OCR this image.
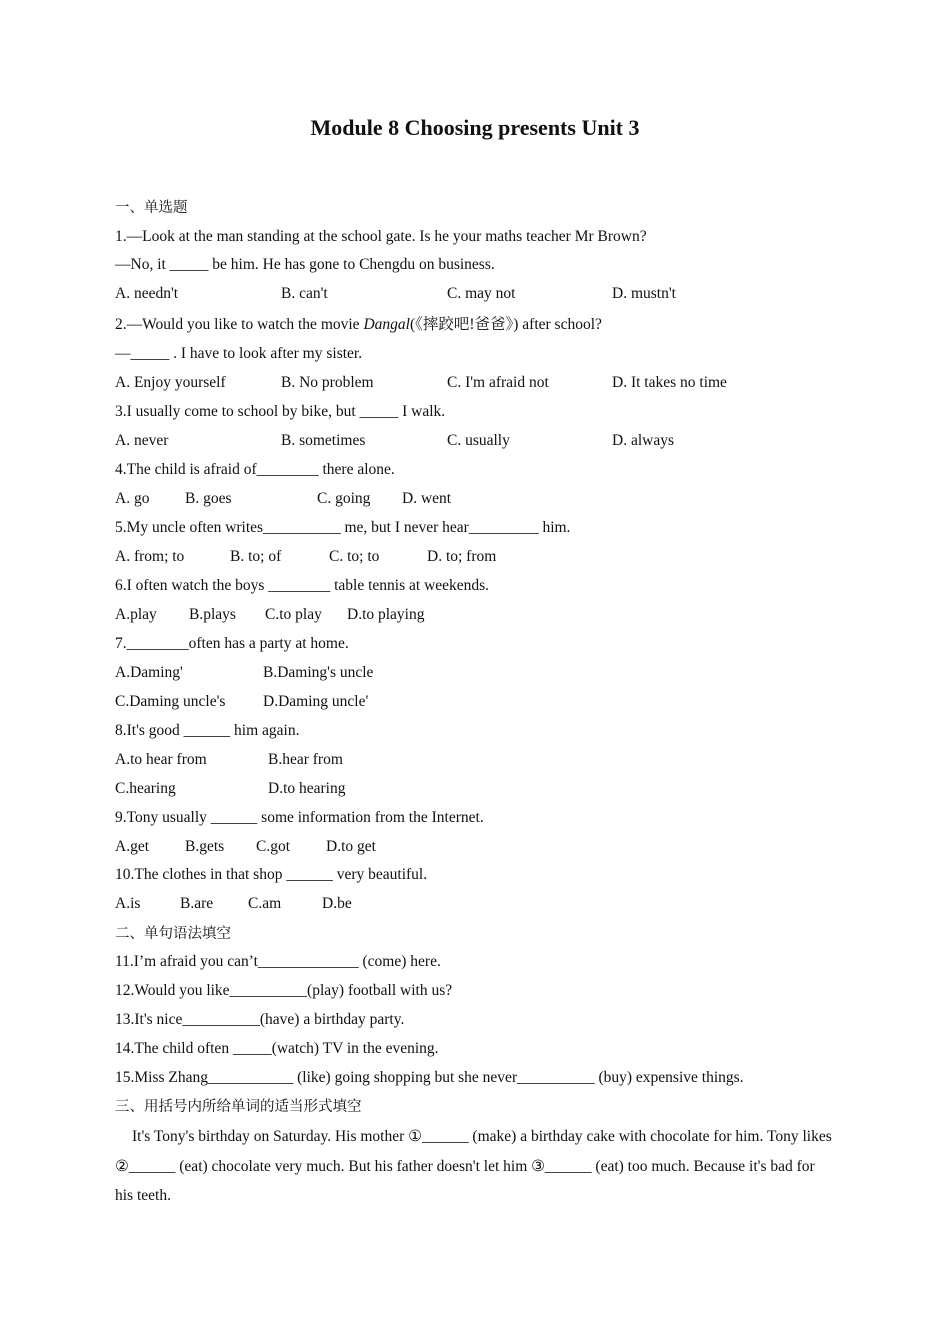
Module 8 Choosing presents Unit 3
一、单选题
1.—Look at the man standing at the school gate. Is he your maths teacher Mr Brown?
—No, it _____ be him. He has gone to Chengdu on business.
A. needn't	B. can't	C. may not	D. mustn't
2.—Would you like to watch the movie Dangal(《摔跤吧!爸爸》) after school?
—_____ . I have to look after my sister.
A. Enjoy yourself	B. No problem	C. I'm afraid not	D. It takes no time
3.I usually come to school by bike, but _____ I walk.
A. never	B. sometimes	C. usually	D. always
4.The child is afraid of________ there alone.
A. go B. goes	C. going D. went
5.My uncle often writes__________ me, but I never hear_________ him.
A. from; to	B. to; of	C. to; to	D. to; from
6.I often watch the boys ________ table tennis at weekends.
A.play B.plays C.to play D.to playing
7.________often has a party at home.
A.Daming'	B.Daming's uncle
C.Daming uncle's D.Daming uncle'
8.It's good ______ him again.
A.to hear from	B.hear from
C.hearing	D.to hearing
9.Tony usually ______ some information from the Internet.
A.get B.gets C.got D.to get
10.The clothes in that shop ______ very beautiful.
A.is	B.are C.am	D.be
二、单句语法填空
11.I’m afraid you can’t_____________ (come) here.
12.Would you like__________(play) football with us?
13.It's nice__________(have) a birthday party.
14.The child often _____(watch) TV in the evening.
15.Miss Zhang___________ (like) going shopping but she never__________ (buy) expensive things.
三、用括号内所给单词的适当形式填空
It's Tony's birthday on Saturday. His mother ①______ (make) a birthday cake with chocolate for him. Tony likes ②______ (eat) chocolate very much. But his father doesn't let him ③______ (eat) too much. Because it's bad for his teeth.
